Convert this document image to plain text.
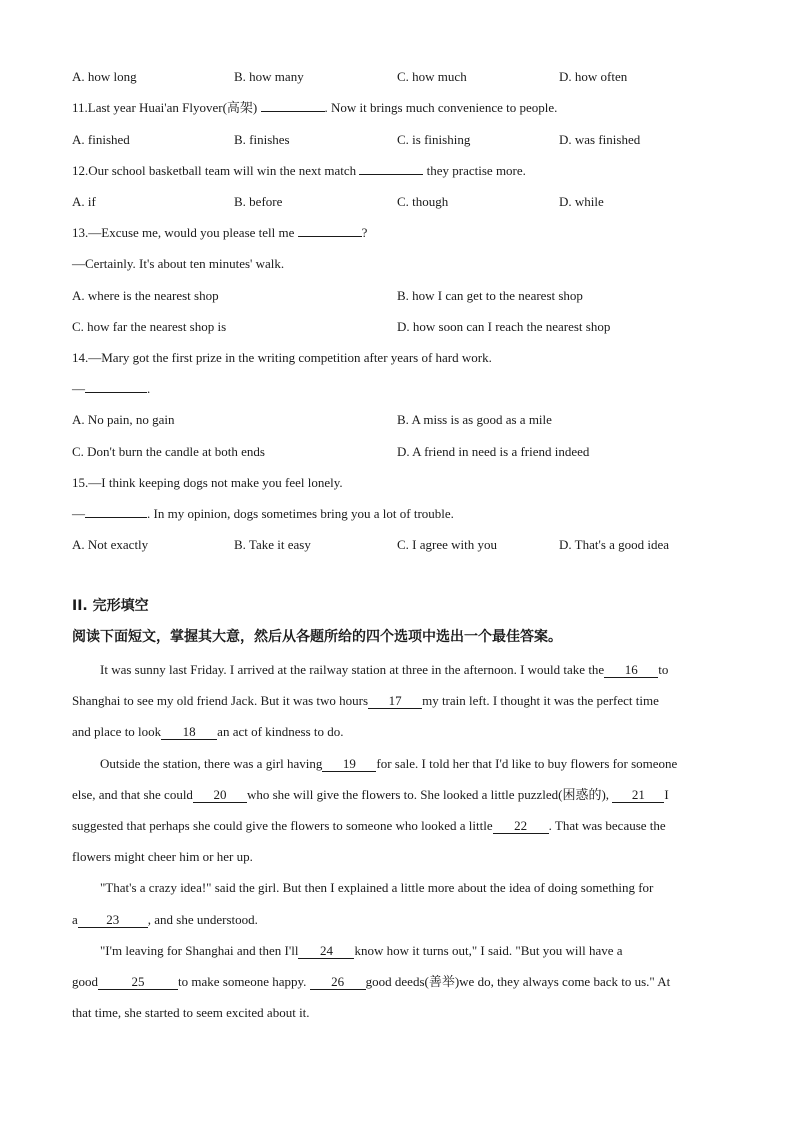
A. how long	B. how many	C. how much	D. how often
11.Last year Huai'an Flyover(高架)	. Now it brings much convenience to people.
A. finished	B. finishes	C. is finishing	D. was finished
12.Our school basketball team will win the next match	they practise more.
A. if	B. before	C. though	D. while
13.—Excuse me, would you please tell me	?
—Certainly. It's about ten minutes' walk.
A. where is the nearest shop	B. how I can get to the nearest shop
C. how far the nearest shop is	D. how soon can I reach the nearest shop
14.—Mary got the first prize in the writing competition after years of hard work.
—	.
A. No pain, no gain	B. A miss is as good as a mile
C. Don't burn the candle at both ends	D. A friend in need is a friend indeed
15.—I think keeping dogs not make you feel lonely.
—	. In my opinion, dogs sometimes bring you a lot of trouble.
A. Not exactly	B. Take it easy	C. I agree with you	D. That's a good idea
II. 完形填空
阅读下面短文，掌握其大意，然后从各题所给的四个选项中选出一个最佳答案。
It was sunny last Friday. I arrived at the railway station at three in the afternoon. I would take the 16 to
Shanghai to see my old friend Jack. But it was two hours 17 my train left. I thought it was the perfect time
and place to look 18 an act of kindness to do.
Outside the station, there was a girl having 19 for sale. I told her that I'd like to buy flowers for someone
else, and that she could 20 who she will give the flowers to. She looked a little puzzled(困惑的), 21 I
suggested that perhaps she could give the flowers to someone who looked a little 22 . That was because the
flowers might cheer him or her up.
"That's a crazy idea!" said the girl. But then I explained a little more about the idea of doing something for
a 23 , and she understood.
"I'm leaving for Shanghai and then I'll 24 know how it turns out," I said. "But you will have a
good	25	to make someone happy. 26 good deeds(善举)we do, they always come back to us." At
that time, she started to seem excited about it.
